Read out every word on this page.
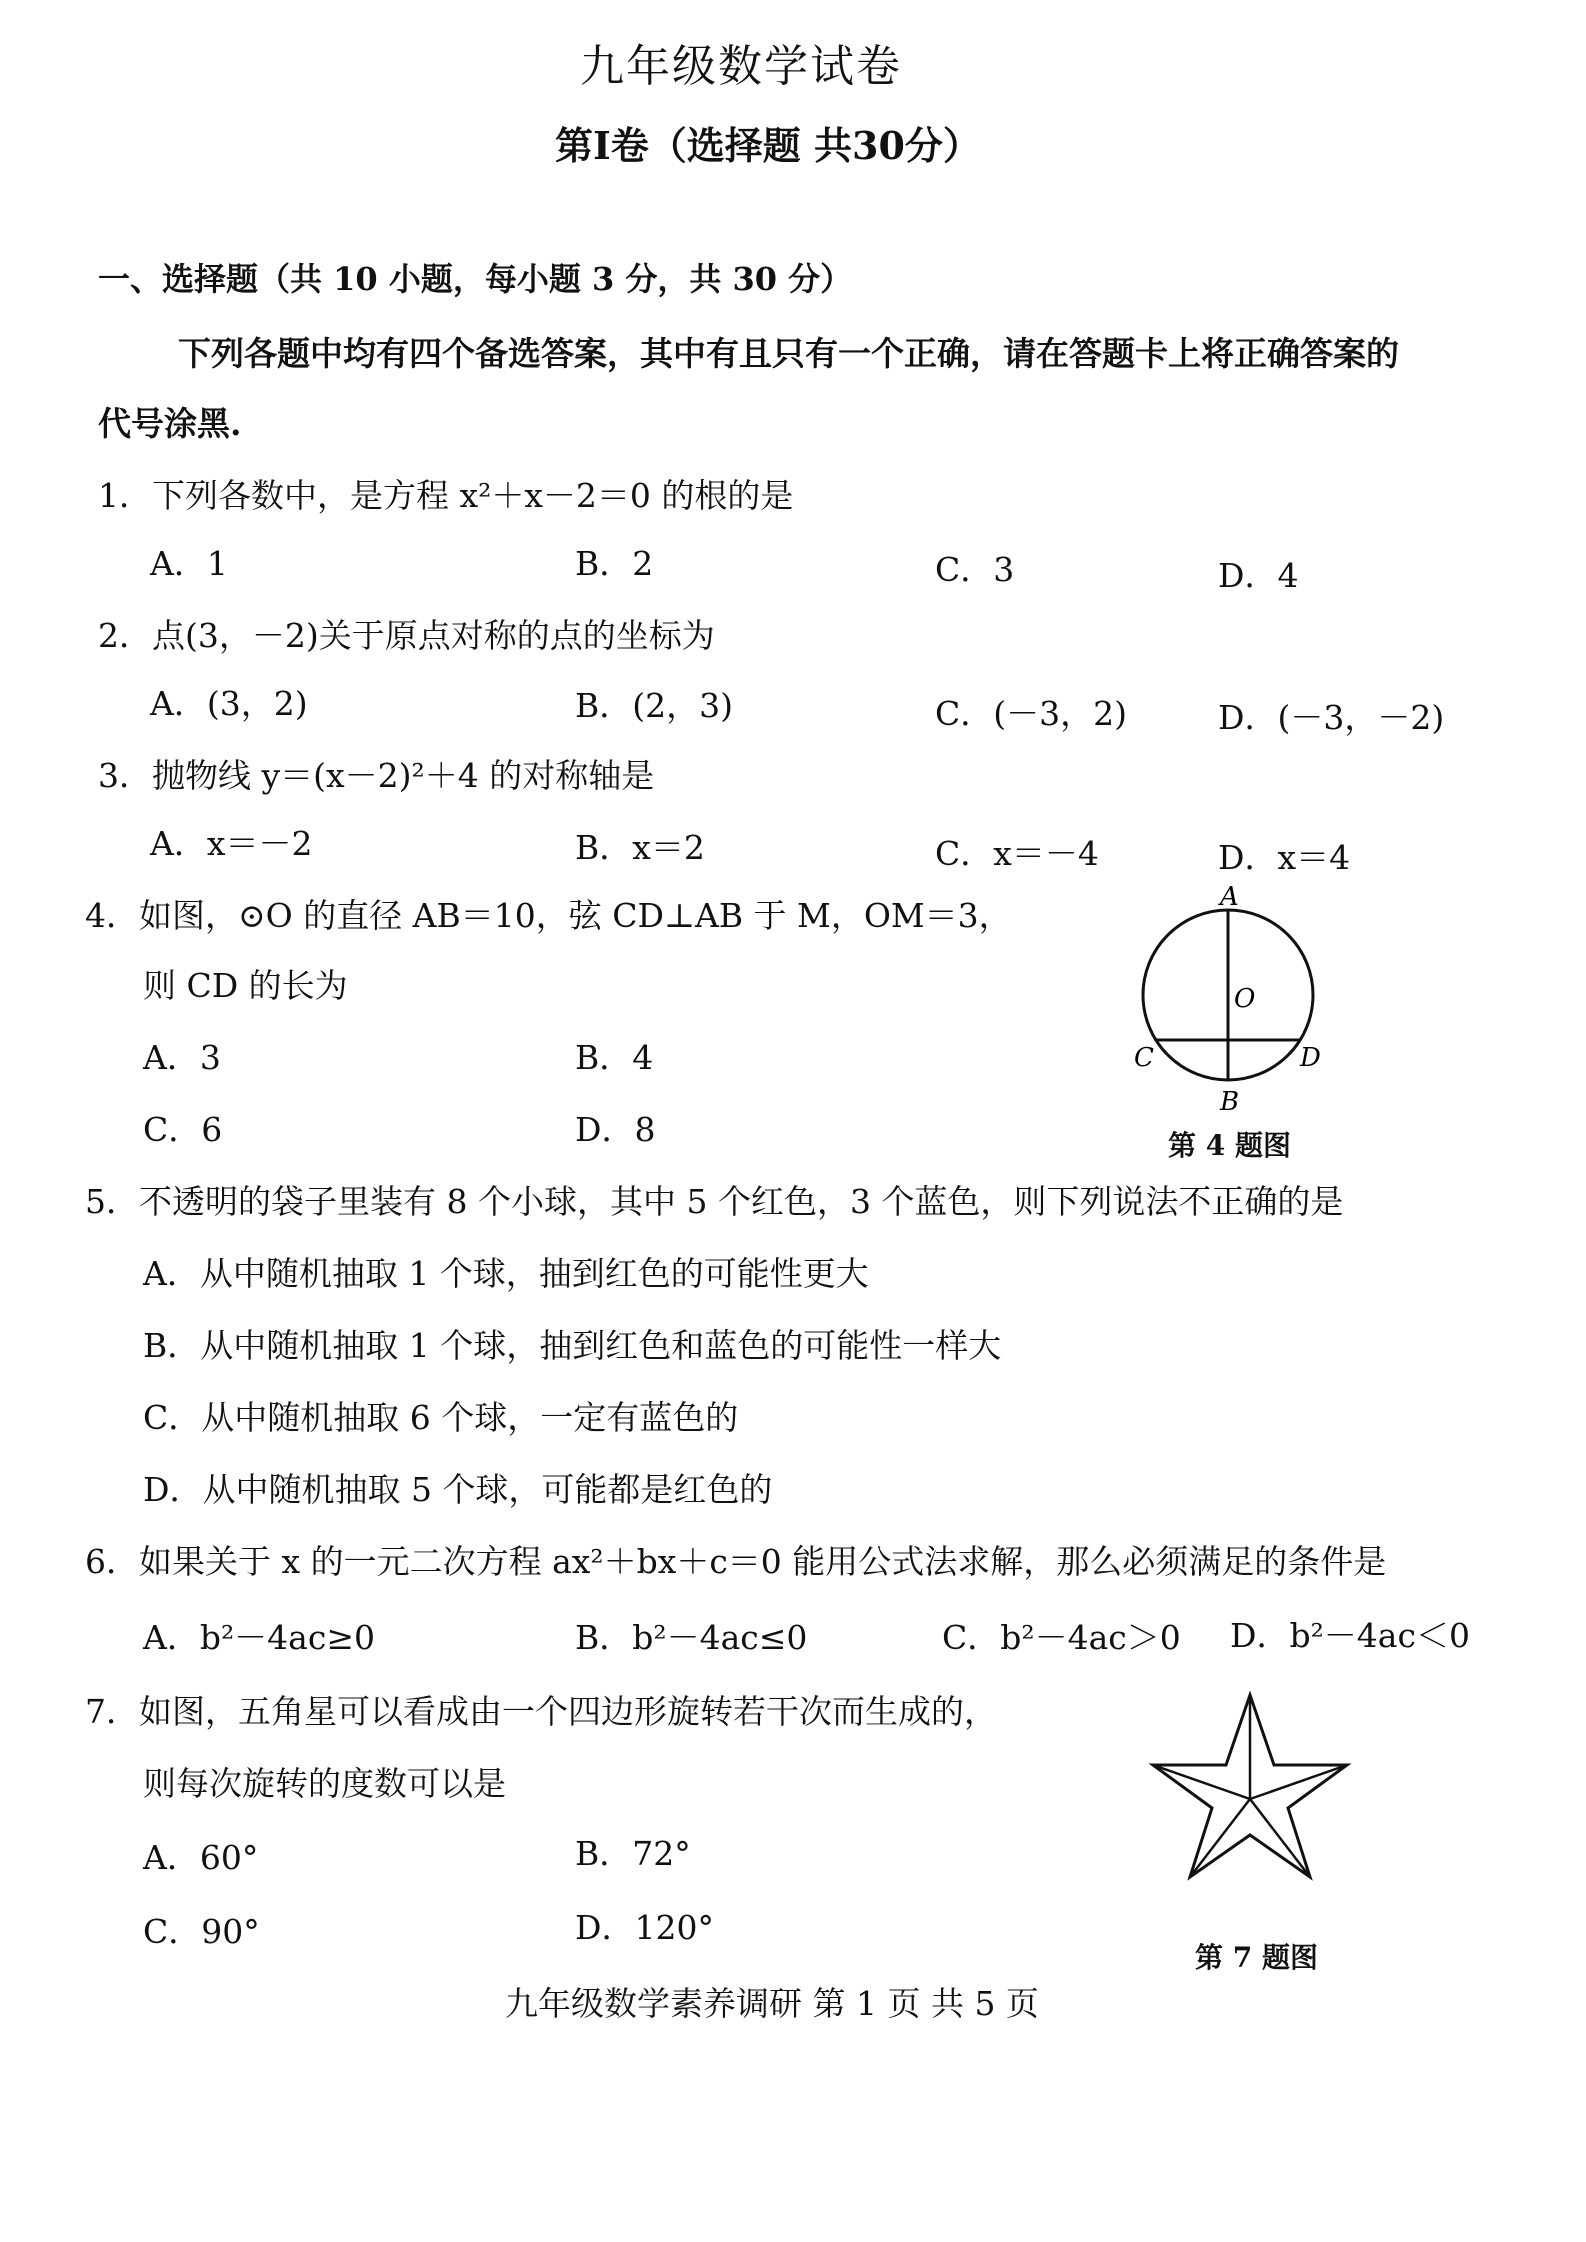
九年级数学试卷
第Ⅰ卷（选择题 共30分）
一、选择题（共 10 小题，每小题 3 分，共 30 分）
下列各题中均有四个备选答案，其中有且只有一个正确，请在答题卡上将正确答案的
代号涂黑.
1．下列各数中，是方程 x²＋x－2＝0 的根的是
A．1	B．2	C．3	D．4
2．点(3，－2)关于原点对称的点的坐标为
A．(3，2)	B．(2，3)	C．(－3，2)	D．(－3，－2)
3．抛物线 y＝(x－2)²＋4 的对称轴是
A．x＝－2	B．x＝2	C．x＝－4	D．x＝4
4．如图，⊙O 的直径 AB＝10，弦 CD⊥AB 于 M，OM＝3，
则 CD 的长为
A．3	B．4
C．6	D．8
A
O
C	D
B
第 4 题图
5．不透明的袋子里装有 8 个小球，其中 5 个红色，3 个蓝色，则下列说法不正确的是
A．从中随机抽取 1 个球，抽到红色的可能性更大
B．从中随机抽取 1 个球，抽到红色和蓝色的可能性一样大
C．从中随机抽取 6 个球，一定有蓝色的
D．从中随机抽取 5 个球，可能都是红色的
6．如果关于 x 的一元二次方程 ax²＋bx＋c＝0 能用公式法求解，那么必须满足的条件是
A．b²－4ac≥0	B．b²－4ac≤0	C．b²－4ac＞0 D．b²－4ac＜0
7．如图，五角星可以看成由一个四边形旋转若干次而生成的，
则每次旋转的度数可以是
A．60°	B．72°
C．90°	D．120°
第 7 题图
九年级数学素养调研 第 1 页 共 5 页
